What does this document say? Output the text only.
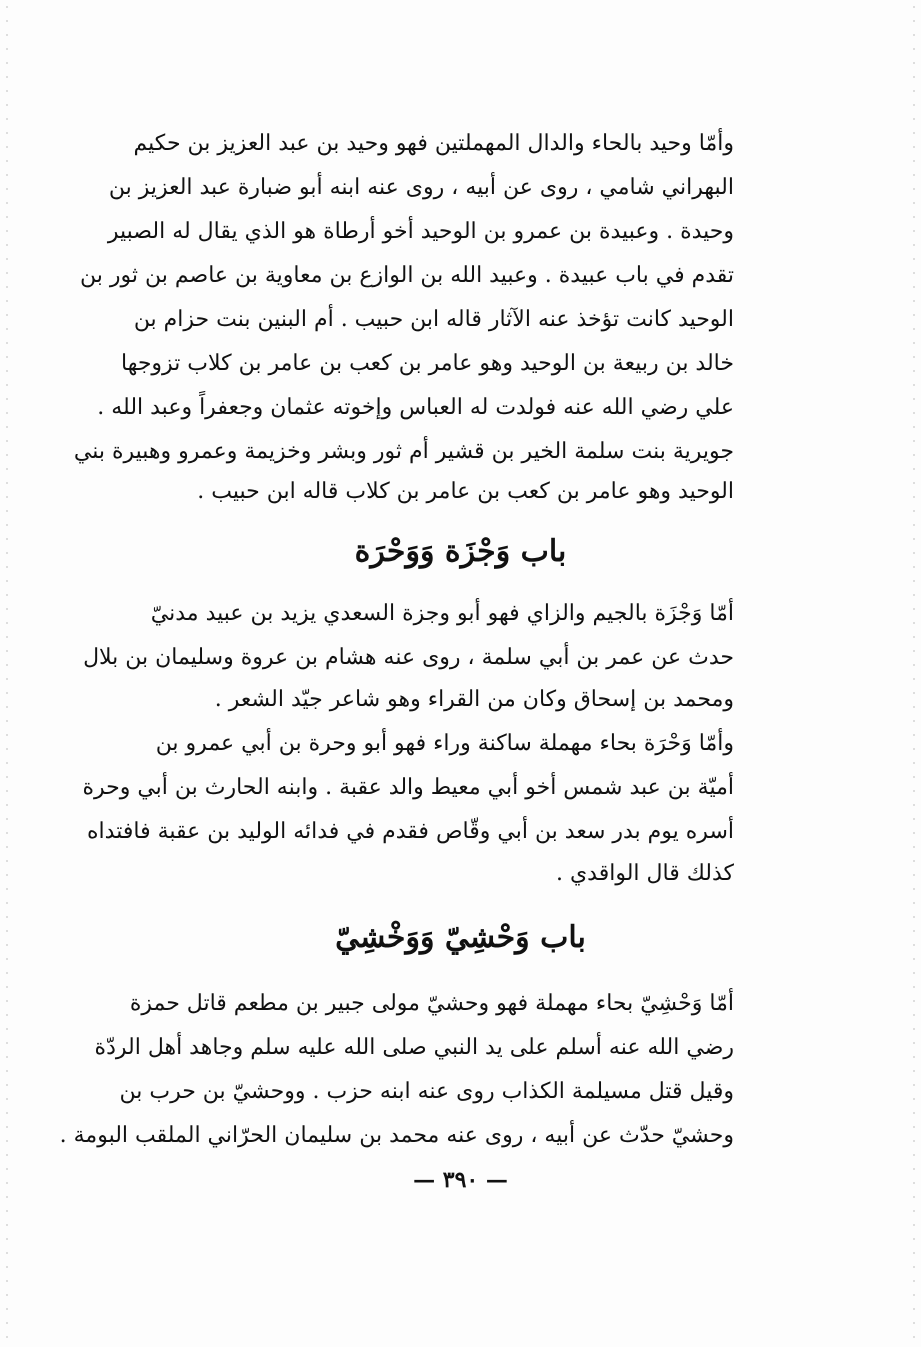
وأمّا وحيد بالحاء والدال المهملتين فهو وحيد بن عبد العزيز بن حكيم
البهراني شامي ، روى عن أبيه ، روى عنه ابنه أبو ضبارة عبد العزيز بن
وحيدة . وعبيدة بن عمرو بن الوحيد أخو أرطاة هو الذي يقال له الصبير
تقدم في باب عبيدة . وعبيد الله بن الوازع بن معاوية بن عاصم بن ثور بن
الوحيد كانت تؤخذ عنه الآثار قاله ابن حبيب . أم البنين بنت حزام بن
خالد بن ربيعة بن الوحيد وهو عامر بن كعب بن عامر بن كلاب تزوجها
علي رضي الله عنه فولدت له العباس وإخوته عثمان وجعفراً وعبد الله .
جويرية بنت سلمة الخير بن قشير أم ثور وبشر وخزيمة وعمرو وهبيرة بني
الوحيد وهو عامر بن كعب بن عامر بن كلاب قاله ابن حبيب .
باب وَجْزَة وَوَحْرَة
أمّا وَجْزَة بالجيم والزاي فهو أبو وجزة السعدي يزيد بن عبيد مدنيّ
حدث عن عمر بن أبي سلمة ، روى عنه هشام بن عروة وسليمان بن بلال
ومحمد بن إسحاق وكان من القراء وهو شاعر جيّد الشعر .
وأمّا وَحْرَة بحاء مهملة ساكنة وراء فهو أبو وحرة بن أبي عمرو بن
أميّة بن عبد شمس أخو أبي معيط والد عقبة . وابنه الحارث بن أبي وحرة
أسره يوم بدر سعد بن أبي وقّاص فقدم في فدائه الوليد بن عقبة فافتداه
كذلك قال الواقدي .
باب وَحْشِيّ وَوَخْشِيّ
أمّا وَحْشِيّ بحاء مهملة فهو وحشيّ مولى جبير بن مطعم قاتل حمزة
رضي الله عنه أسلم على يد النبي صلى الله عليه سلم وجاهد أهل الردّة
وقيل قتل مسيلمة الكذاب روى عنه ابنه حزب . ووحشيّ بن حرب بن
وحشيّ حدّث عن أبيه ، روى عنه محمد بن سليمان الحرّاني الملقب البومة .
— ٣٩٠ —
